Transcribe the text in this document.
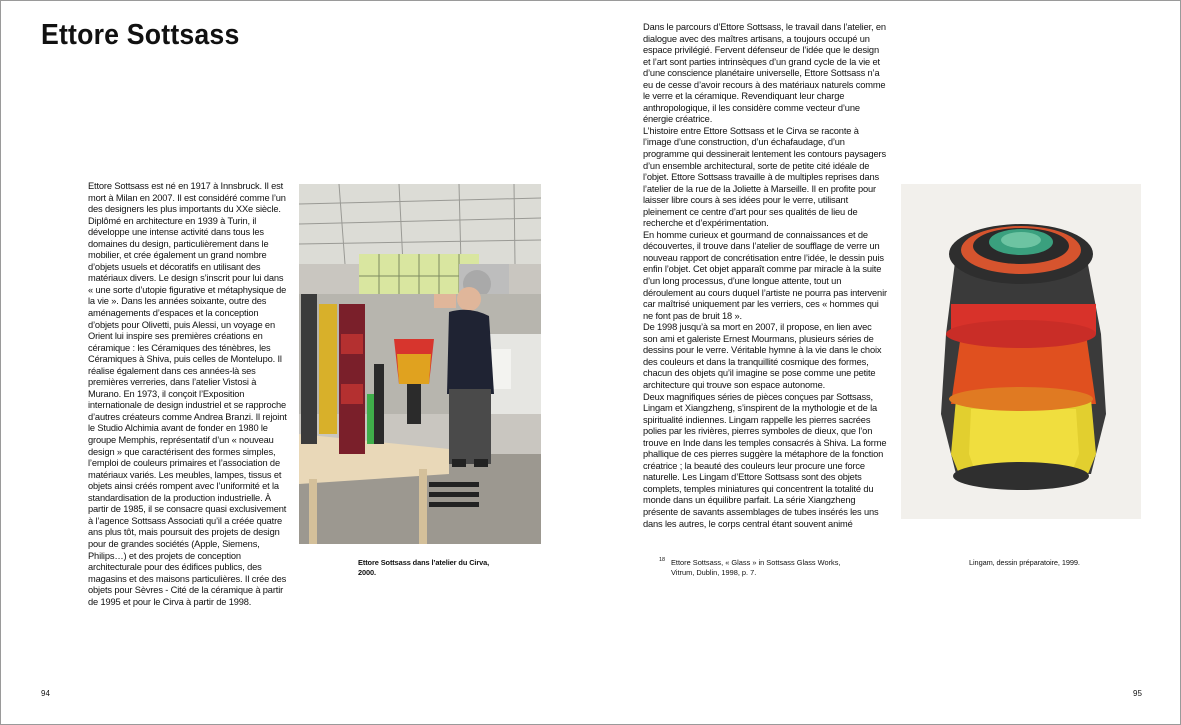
Ettore Sottsass

Ettore Sottsass est né en 1917 à Innsbruck. Il est mort à Milan en 2007. Il est considéré comme l’un des designers les plus importants du XXe siècle. Diplômé en architecture en 1939 à Turin, il développe une intense activité dans tous les domaines du design, particulièrement dans le mobilier, et crée également un grand nombre d’objets usuels et décoratifs en utilisant des matériaux divers. Le design s’inscrit pour lui dans « une sorte d’utopie figurative et métaphysique de la vie ». Dans les années soixante, outre des aménagements d’espaces et la conception d’objets pour Olivetti, puis Alessi, un voyage en Orient lui inspire ses premières créations en céramique : les Céramiques des ténèbres, les Céramiques à Shiva, puis celles de Montelupo. Il réalise également dans ces années-là ses premières verreries, dans l’atelier Vistosi à Murano. En 1973, il conçoit l’Exposition internationale de design industriel et se rapproche d’autres créateurs comme Andrea Branzi. Il rejoint le Studio Alchimia avant de fonder en 1980 le groupe Memphis, représentatif d’un « nouveau design » que caractérisent des formes simples, l’emploi de couleurs primaires et l’association de matériaux variés. Les meubles, lampes, tissus et objets ainsi créés rompent avec l’uniformité et la standardisation de la production industrielle. À partir de 1985, il se consacre quasi exclusivement à l’agence Sottsass Associati qu’il a créée quatre ans plus tôt, mais poursuit des projets de design pour de grandes sociétés (Apple, Siemens, Philips…) et des projets de conception architecturale pour des édifices publics, des magasins et des maisons particulières. Il crée des objets pour Sèvres - Cité de la céramique à partir de 1995 et pour le Cirva à partir de 1998.

Ettore Sottsass dans l’atelier du Cirva, 2000.

Dans le parcours d’Ettore Sottsass, le travail dans l’atelier, en dialogue avec des maîtres artisans, a toujours occupé un espace privilégié. Fervent défenseur de l’idée que le design et l’art sont parties intrinsèques d’un grand cycle de la vie et d’une conscience planétaire universelle, Ettore Sottsass n’a eu de cesse d’avoir recours à des matériaux naturels comme le verre et la céramique. Revendiquant leur charge anthropologique, il les considère comme vecteur d’une énergie créatrice.

L’histoire entre Ettore Sottsass et le Cirva se raconte à l’image d’une construction, d’un échafaudage, d’un programme qui dessinerait lentement les contours paysagers d’un ensemble architectural, sorte de petite cité idéale de l’objet. Ettore Sottsass travaille à de multiples reprises dans l’atelier de la rue de la Joliette à Marseille. Il en profite pour laisser libre cours à ses idées pour le verre, utilisant pleinement ce centre d’art pour ses qualités de lieu de recherche et d’expérimentation.

En homme curieux et gourmand de connaissances et de découvertes, il trouve dans l’atelier de soufflage de verre un nouveau rapport de concrétisation entre l’idée, le dessin puis enfin l’objet. Cet objet apparaît comme par miracle à la suite d’un long processus, d’une longue attente, tout un déroulement au cours duquel l’artiste ne pourra pas intervenir car maîtrisé uniquement par les verriers, ces « hommes qui ne font pas de bruit 18 ».

De 1998 jusqu’à sa mort en 2007, il propose, en lien avec son ami et galeriste Ernest Mourmans, plusieurs séries de dessins pour le verre. Véritable hymne à la vie dans le choix des couleurs et dans la tranquillité cosmique des formes, chacun des objets qu’il imagine se pose comme une petite architecture qui trouve son espace autonome.

Deux magnifiques séries de pièces conçues par Sottsass, Lingam et Xiangzheng, s’inspirent de la mythologie et de la spiritualité indiennes. Lingam rappelle les pierres sacrées polies par les rivières, pierres symboles de dieux, que l’on trouve en Inde dans les temples consacrés à Shiva. La forme phallique de ces pierres suggère la métaphore de la fonction créatrice ; la beauté des couleurs leur procure une force naturelle. Les Lingam d’Ettore Sottsass sont des objets complets, temples miniatures qui concentrent la totalité du monde dans un équilibre parfait. La série Xiangzheng présente de savants assemblages de tubes insérés les uns dans les autres, le corps central étant souvent animé

18 Ettore Sottsass, « Glass » in Sottsass Glass Works, Vitrum, Dublin, 1998, p. 7.
Lingam, dessin préparatoire, 1999.
94	95
